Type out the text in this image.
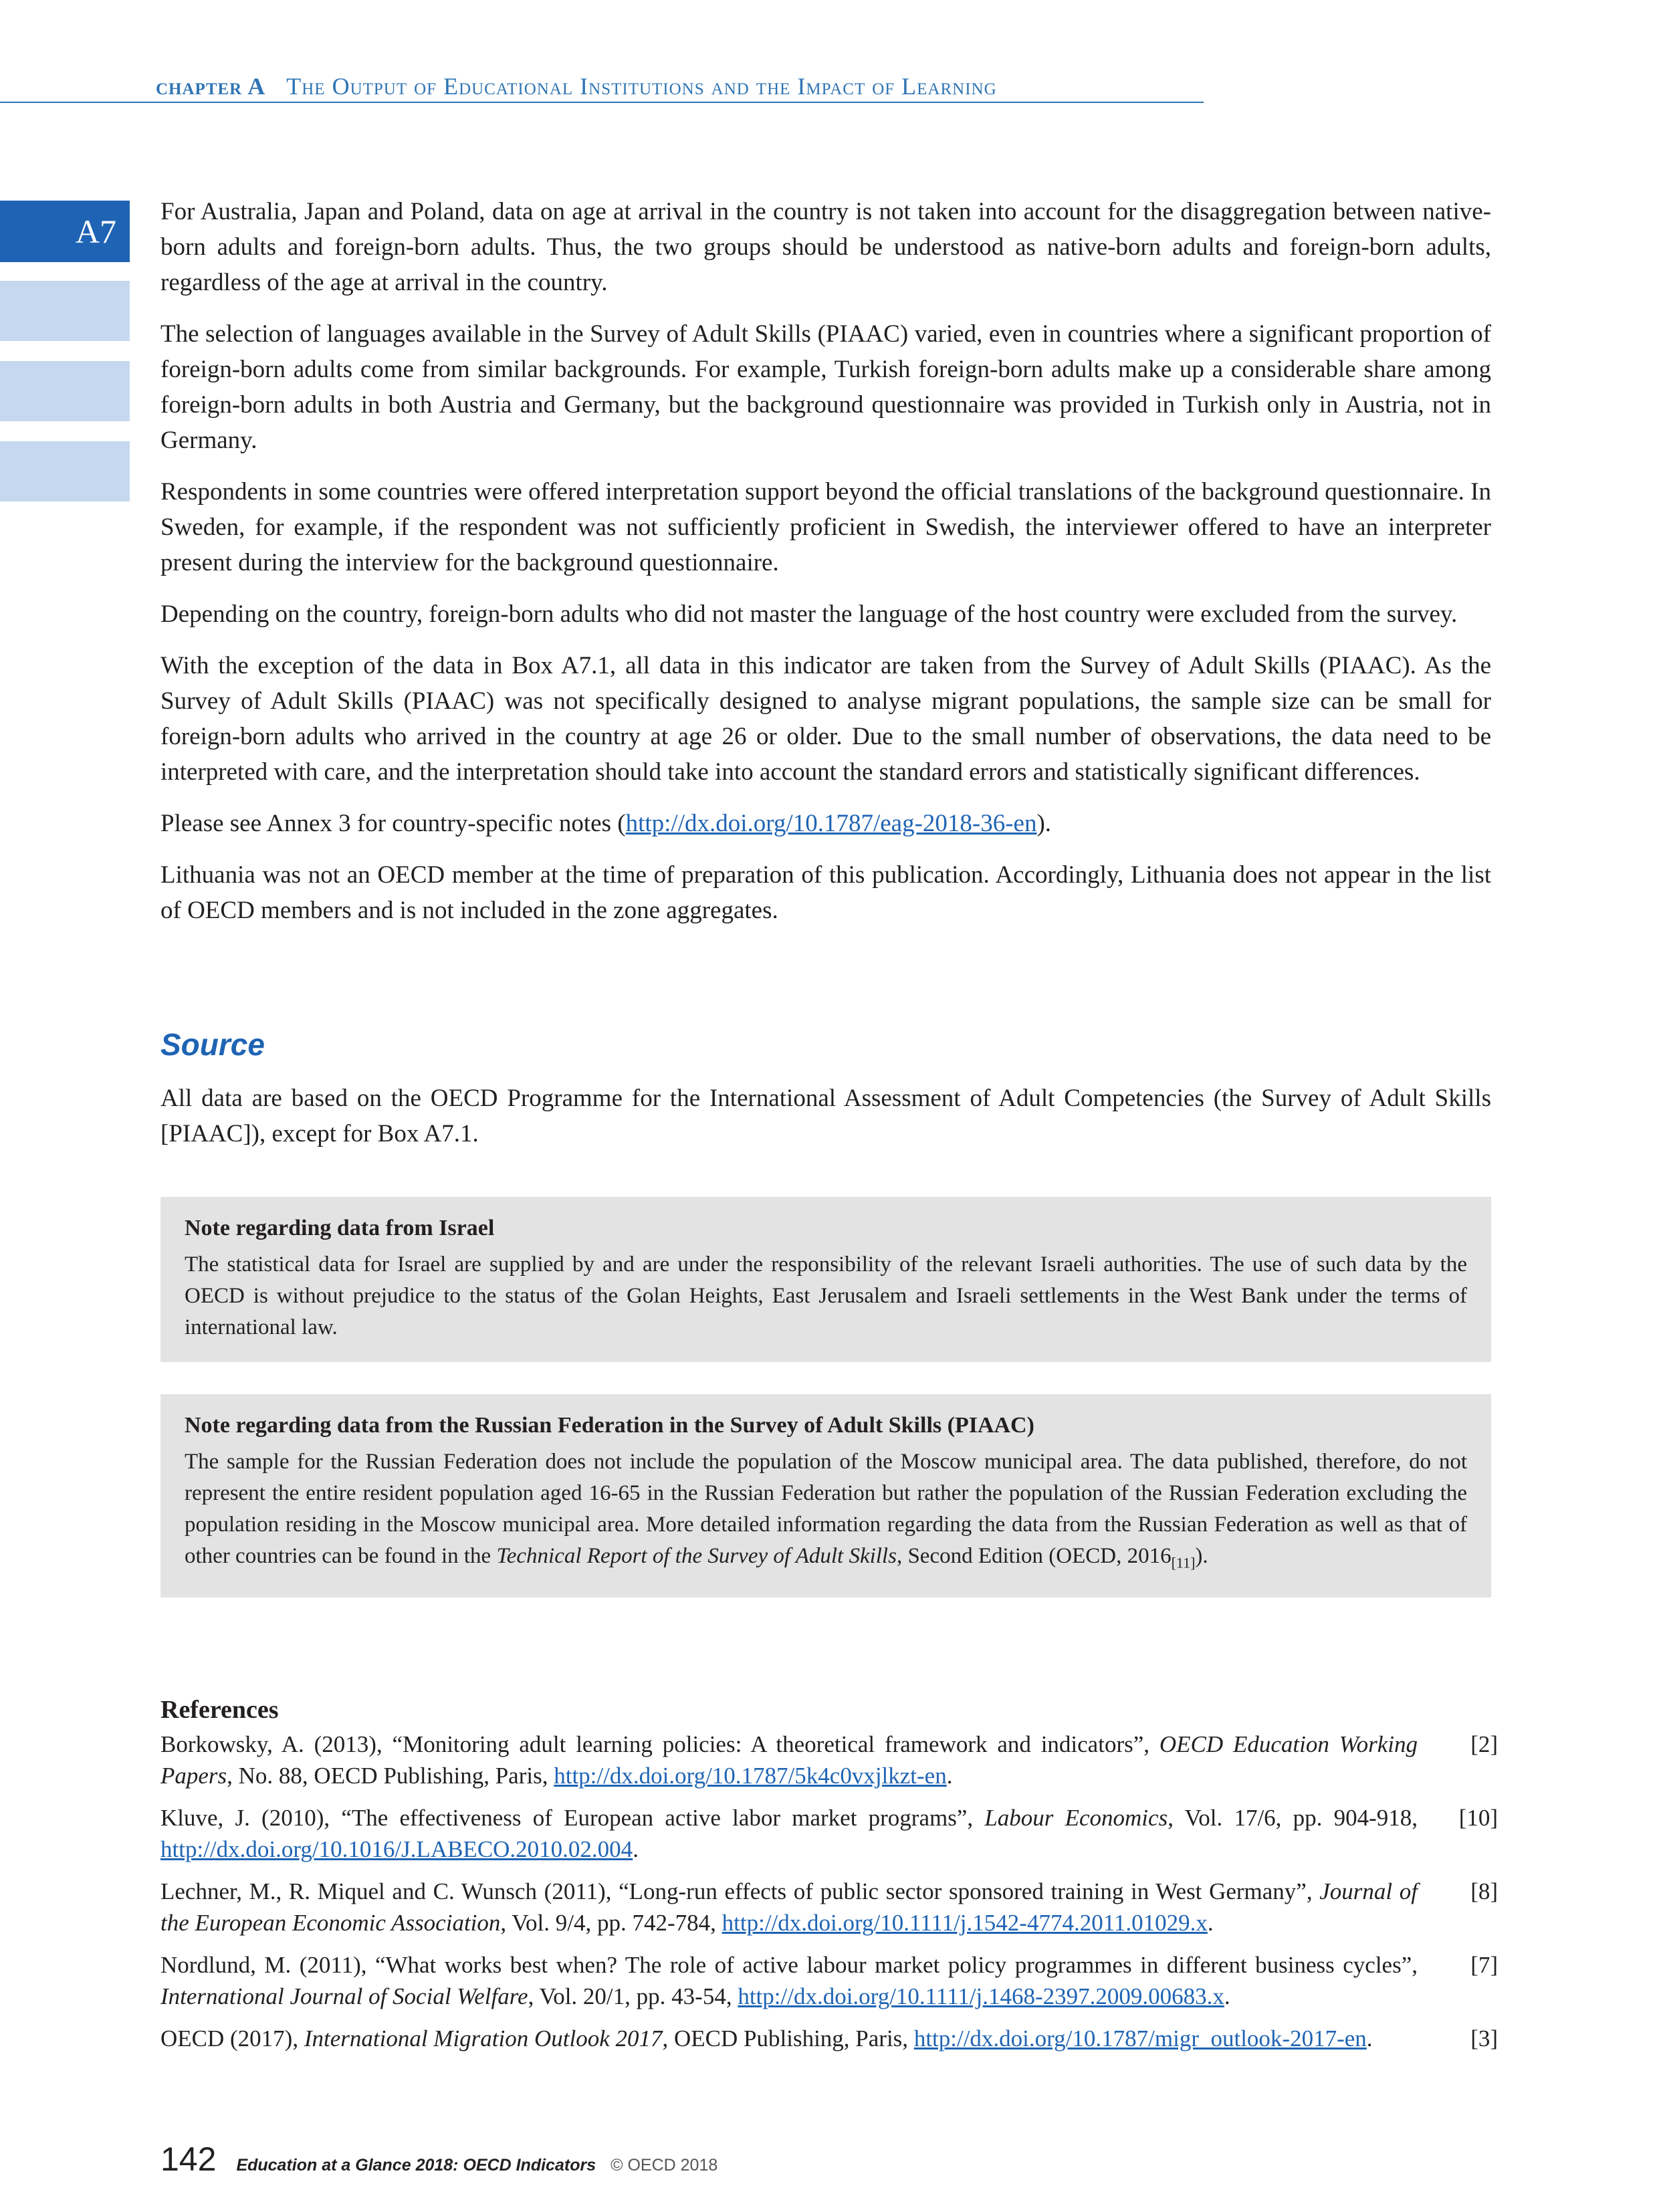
chapter A The Output of Educational Institutions and the Impact of Learning
A7

For Australia, Japan and Poland, data on age at arrival in the country is not taken into account for the disaggregation between native-born adults and foreign-born adults. Thus, the two groups should be understood as native-born adults and foreign-born adults, regardless of the age at arrival in the country.

The selection of languages available in the Survey of Adult Skills (PIAAC) varied, even in countries where a significant proportion of foreign-born adults come from similar backgrounds. For example, Turkish foreign-born adults make up a considerable share among foreign-born adults in both Austria and Germany, but the background questionnaire was provided in Turkish only in Austria, not in Germany.

Respondents in some countries were offered interpretation support beyond the official translations of the background questionnaire. In Sweden, for example, if the respondent was not sufficiently proficient in Swedish, the interviewer offered to have an interpreter present during the interview for the background questionnaire.

Depending on the country, foreign-born adults who did not master the language of the host country were excluded from the survey.

With the exception of the data in Box A7.1, all data in this indicator are taken from the Survey of Adult Skills (PIAAC). As the Survey of Adult Skills (PIAAC) was not specifically designed to analyse migrant populations, the sample size can be small for foreign-born adults who arrived in the country at age 26 or older. Due to the small number of observations, the data need to be interpreted with care, and the interpretation should take into account the standard errors and statistically significant differences.

Please see Annex 3 for country-specific notes (http://dx.doi.org/10.1787/eag-2018-36-en).

Lithuania was not an OECD member at the time of preparation of this publication. Accordingly, Lithuania does not appear in the list of OECD members and is not included in the zone aggregates.

Source

All data are based on the OECD Programme for the International Assessment of Adult Competencies (the Survey of Adult Skills [PIAAC]), except for Box A7.1.

Note regarding data from Israel

The statistical data for Israel are supplied by and are under the responsibility of the relevant Israeli authorities. The use of such data by the OECD is without prejudice to the status of the Golan Heights, East Jerusalem and Israeli settlements in the West Bank under the terms of international law.

Note regarding data from the Russian Federation in the Survey of Adult Skills (PIAAC)

The sample for the Russian Federation does not include the population of the Moscow municipal area. The data published, therefore, do not represent the entire resident population aged 16-65 in the Russian Federation but rather the population of the Russian Federation excluding the population residing in the Moscow municipal area. More detailed information regarding the data from the Russian Federation as well as that of other countries can be found in the Technical Report of the Survey of Adult Skills, Second Edition (OECD, $2016_{[11]}$).

References
Borkowsky, A. (2013), “Monitoring adult learning policies: A theoretical framework and indicators”, OECD Education Working Papers, No. 88, OECD Publishing, Paris, http://dx.doi.org/10.1787/5k4c0vxjlkzt-en.
[2]
Kluve, J. (2010), “The effectiveness of European active labor market programs”, Labour Economics, Vol. 17/6, pp. 904-918, http://dx.doi.org/10.1016/J.LABECO.2010.02.004.
[10]
Lechner, M., R. Miquel and C. Wunsch (2011), “Long-run effects of public sector sponsored training in West Germany”, Journal of the European Economic Association, Vol. 9/4, pp. 742-784, http://dx.doi.org/10.1111/j.1542-4774.2011.01029.x.
[8]
Nordlund, M. (2011), “What works best when? The role of active labour market policy programmes in different business cycles”, International Journal of Social Welfare, Vol. 20/1, pp. 43-54, http://dx.doi.org/10.1111/j.1468-2397.2009.00683.x.
[7]
OECD (2017), International Migration Outlook 2017, OECD Publishing, Paris, http://dx.doi.org/10.1787/migr_outlook-2017-en.	[3]
142 Education at a Glance 2018: OECD Indicators © OECD 2018
